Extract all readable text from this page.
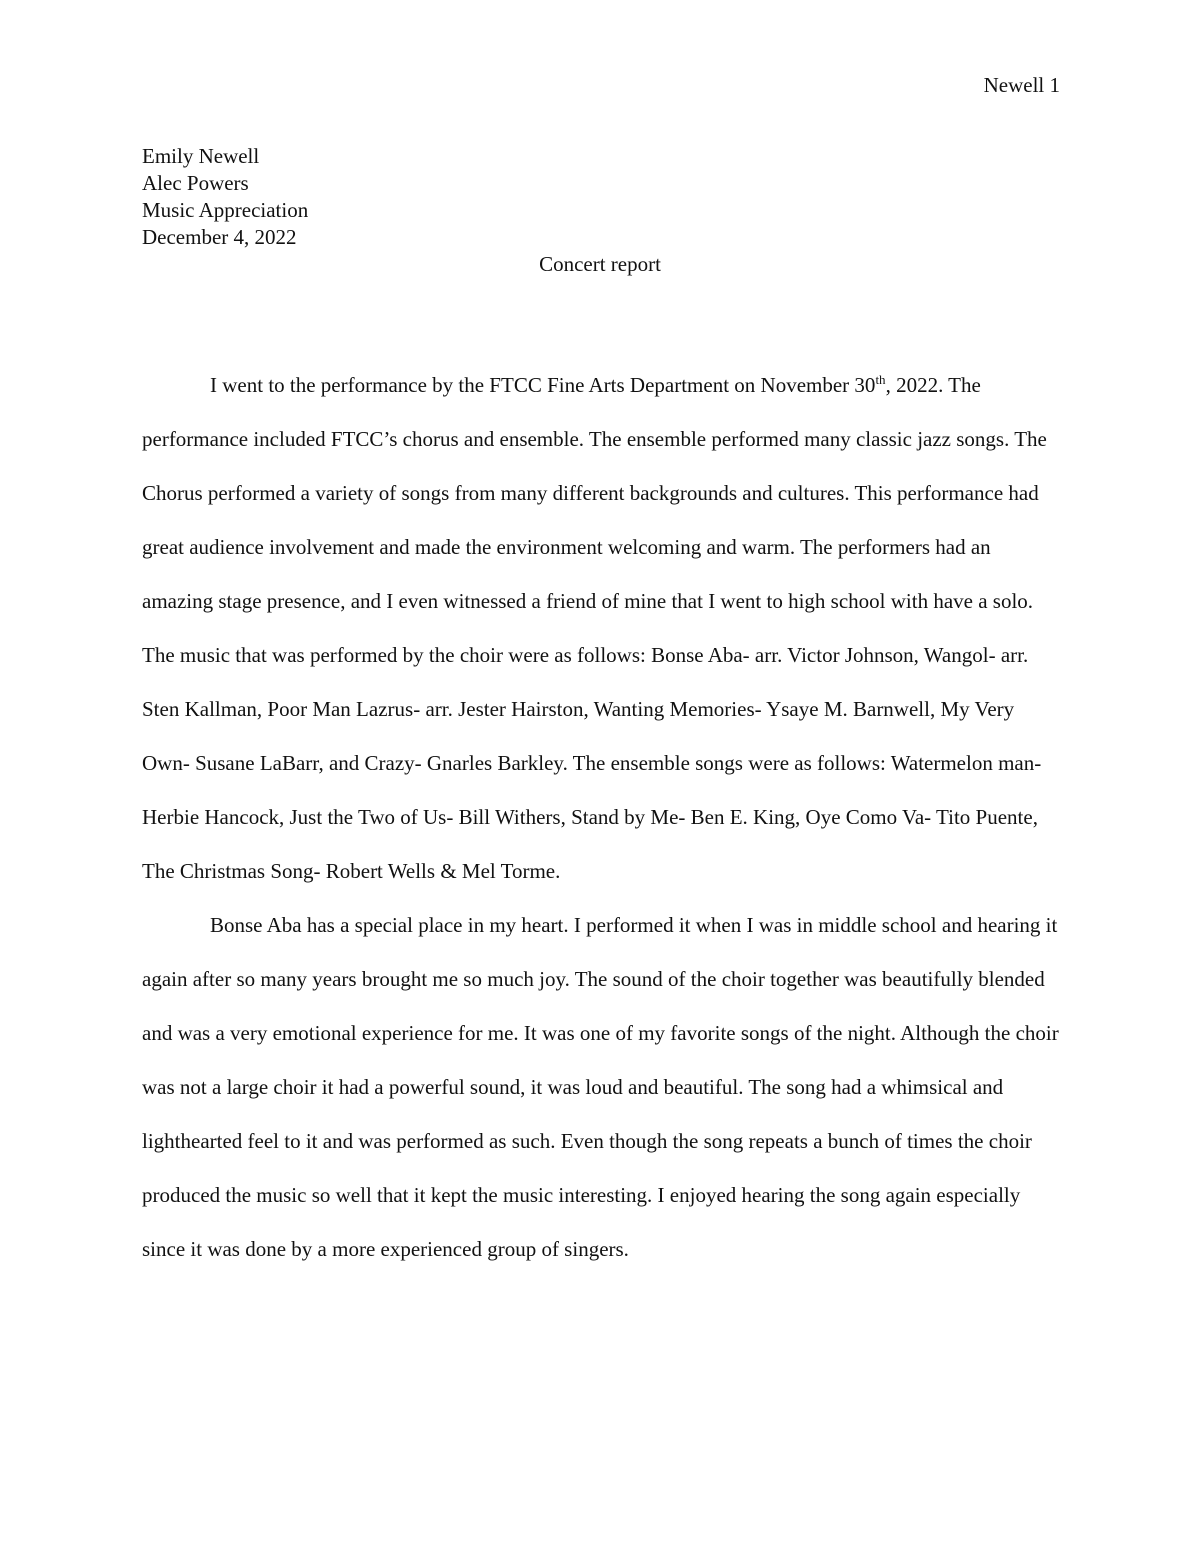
Newell 1
Emily Newell
Alec Powers
Music Appreciation
December 4, 2022
Concert report

I went to the performance by the FTCC Fine Arts Department on November 30th, 2022. The performance included FTCC’s chorus and ensemble. The ensemble performed many classic jazz songs. The Chorus performed a variety of songs from many different backgrounds and cultures. This performance had great audience involvement and made the environment welcoming and warm. The performers had an amazing stage presence, and I even witnessed a friend of mine that I went to high school with have a solo. The music that was performed by the choir were as follows: Bonse Aba- arr. Victor Johnson, Wangol- arr. Sten Kallman, Poor Man Lazrus- arr. Jester Hairston, Wanting Memories- Ysaye M. Barnwell, My Very Own- Susane LaBarr, and Crazy- Gnarles Barkley. The ensemble songs were as follows: Watermelon man- Herbie Hancock, Just the Two of Us- Bill Withers, Stand by Me- Ben E. King, Oye Como Va- Tito Puente, The Christmas Song- Robert Wells & Mel Torme.

Bonse Aba has a special place in my heart. I performed it when I was in middle school and hearing it again after so many years brought me so much joy. The sound of the choir together was beautifully blended and was a very emotional experience for me. It was one of my favorite songs of the night. Although the choir was not a large choir it had a powerful sound, it was loud and beautiful. The song had a whimsical and lighthearted feel to it and was performed as such. Even though the song repeats a bunch of times the choir produced the music so well that it kept the music interesting. I enjoyed hearing the song again especially since it was done by a more experienced group of singers.
